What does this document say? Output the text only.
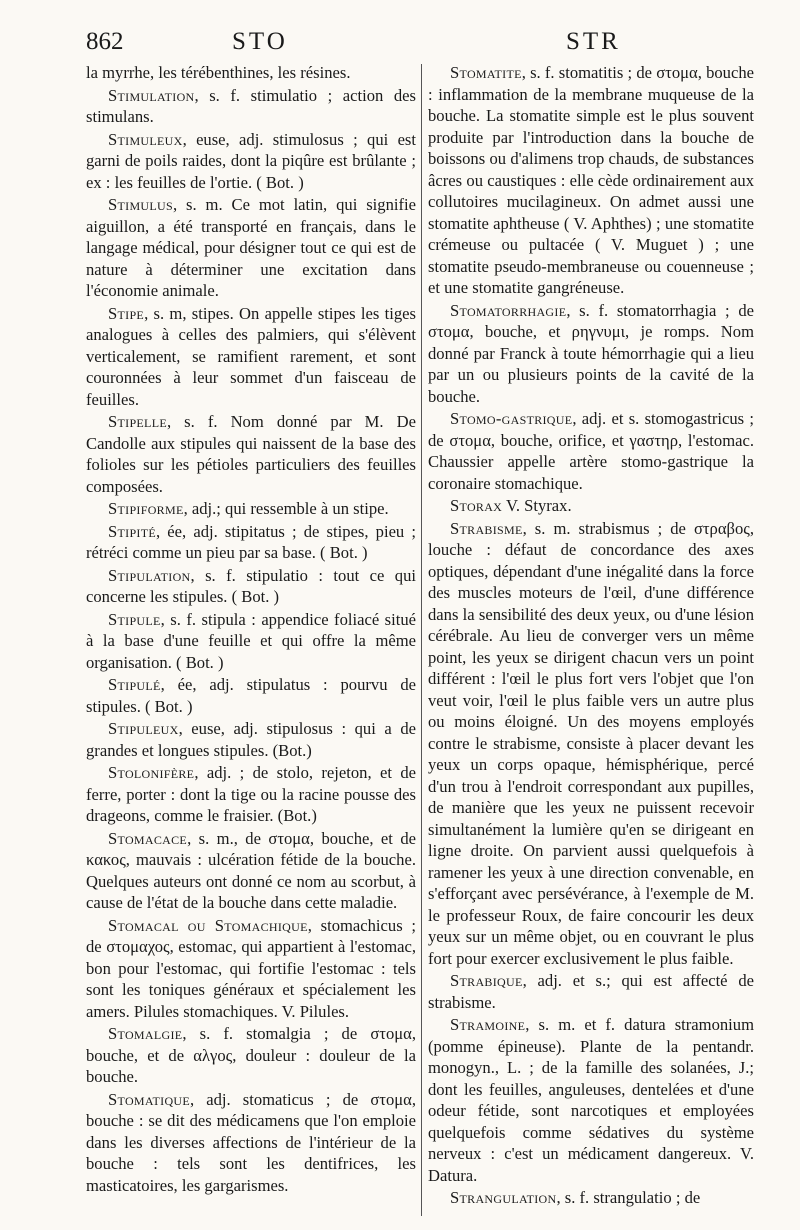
862	STO	STR

la myrrhe, les térébenthines, les résines.

Stimulation, s. f. stimulatio ; action des stimulans.

Stimuleux, euse, adj. stimulosus ; qui est garni de poils raides, dont la piqûre est brûlante ; ex : les feuilles de l'ortie. ( Bot. )

Stimulus, s. m. Ce mot latin, qui signifie aiguillon, a été transporté en français, dans le langage médical, pour désigner tout ce qui est de nature à déterminer une excitation dans l'économie animale.

Stipe, s. m, stipes. On appelle stipes les tiges analogues à celles des palmiers, qui s'élèvent verticalement, se ramifient rarement, et sont couronnées à leur sommet d'un faisceau de feuilles.

Stipelle, s. f. Nom donné par M. De Candolle aux stipules qui naissent de la base des folioles sur les pétioles particuliers des feuilles composées.

Stipiforme, adj.; qui ressemble à un stipe.

Stipité, ée, adj. stipitatus ; de stipes, pieu ; rétréci comme un pieu par sa base. ( Bot. )

Stipulation, s. f. stipulatio : tout ce qui concerne les stipules. ( Bot. )

Stipule, s. f. stipula : appendice foliacé situé à la base d'une feuille et qui offre la même organisation. ( Bot. )

Stipulé, ée, adj. stipulatus : pourvu de stipules. ( Bot. )

Stipuleux, euse, adj. stipulosus : qui a de grandes et longues stipules. (Bot.)

Stolonifère, adj. ; de stolo, rejeton, et de ferre, porter : dont la tige ou la racine pousse des drageons, comme le fraisier. (Bot.)

Stomacace, s. m., de στομα, bouche, et de κακος, mauvais : ulcération fétide de la bouche. Quelques auteurs ont donné ce nom au scorbut, à cause de l'état de la bouche dans cette maladie.

Stomacal ou Stomachique, stomachicus ; de στομαχος, estomac, qui appartient à l'estomac, bon pour l'estomac, qui fortifie l'estomac : tels sont les toniques généraux et spécialement les amers. Pilules stomachiques. V. Pilules.

Stomalgie, s. f. stomalgia ; de στομα, bouche, et de αλγος, douleur : douleur de la bouche.

Stomatique, adj. stomaticus ; de στομα, bouche : se dit des médicamens que l'on emploie dans les diverses affections de l'intérieur de la bouche : tels sont les dentifrices, les masticatoires, les gargarismes.

Stomatite, s. f. stomatitis ; de στομα, bouche : inflammation de la membrane muqueuse de la bouche. La stomatite simple est le plus souvent produite par l'introduction dans la bouche de boissons ou d'alimens trop chauds, de substances âcres ou caustiques : elle cède ordinairement aux collutoires mucilagineux. On admet aussi une stomatite aphtheuse ( V. Aphthes) ; une stomatite crémeuse ou pultacée ( V. Muguet ) ; une stomatite pseudo-membraneuse ou couenneuse ; et une stomatite gangréneuse.

Stomatorrhagie, s. f. stomatorrhagia ; de στομα, bouche, et ρηγνυμι, je romps. Nom donné par Franck à toute hémorrhagie qui a lieu par un ou plusieurs points de la cavité de la bouche.

Stomo-gastrique, adj. et s. stomogastricus ; de στομα, bouche, orifice, et γαστηρ, l'estomac. Chaussier appelle artère stomo-gastrique la coronaire stomachique.

Storax V. Styrax.

Strabisme, s. m. strabismus ; de στραβος, louche : défaut de concordance des axes optiques, dépendant d'une inégalité dans la force des muscles moteurs de l'œil, d'une différence dans la sensibilité des deux yeux, ou d'une lésion cérébrale. Au lieu de converger vers un même point, les yeux se dirigent chacun vers un point différent : l'œil le plus fort vers l'objet que l'on veut voir, l'œil le plus faible vers un autre plus ou moins éloigné. Un des moyens employés contre le strabisme, consiste à placer devant les yeux un corps opaque, hémisphérique, percé d'un trou à l'endroit correspondant aux pupilles, de manière que les yeux ne puissent recevoir simultanément la lumière qu'en se dirigeant en ligne droite. On parvient aussi quelquefois à ramener les yeux à une direction convenable, en s'efforçant avec persévérance, à l'exemple de M. le professeur Roux, de faire concourir les deux yeux sur un même objet, ou en couvrant le plus fort pour exercer exclusivement le plus faible.

Strabique, adj. et s.; qui est affecté de strabisme.

Stramoine, s. m. et f. datura stramonium (pomme épineuse). Plante de la pentandr. monogyn., L. ; de la famille des solanées, J.; dont les feuilles, anguleuses, dentelées et d'une odeur fétide, sont narcotiques et employées quelquefois comme sédatives du système nerveux : c'est un médicament dangereux. V. Datura.

Strangulation, s. f. strangulatio ; de
